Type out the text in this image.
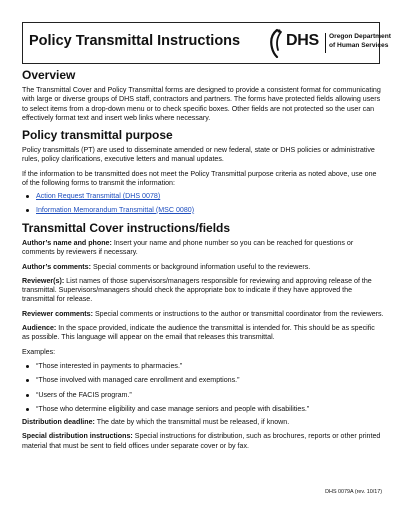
Policy Transmittal Instructions	DHS Oregon Department
of Human Services
Overview

The Transmittal Cover and Policy Transmittal forms are designed to provide a consistent format for communicating with large or diverse groups of DHS staff, contractors and partners. The forms have protected fields allowing users to select items from a drop-down menu or to check specific boxes. Other fields are not protected so the user can effectively format text and insert web links where necessary.

Policy transmittal purpose

Policy transmittals (PT) are used to disseminate amended or new federal, state or DHS policies or administrative rules, policy clarifications, executive letters and manual updates.

If the information to be transmitted does not meet the Policy Transmittal purpose criteria as noted above, use one of the following forms to transmit the information:

Action Request Transmittal (DHS 0078)
Information Memorandum Transmittal (MSC 0080)
Transmittal Cover instructions/fields

Author’s name and phone: Insert your name and phone number so you can be reached for questions or comments by reviewers if necessary.

Author’s comments: Special comments or background information useful to the reviewers.

Reviewer(s): List names of those supervisors/managers responsible for reviewing and approving release of the transmittal. Supervisors/managers should check the appropriate box to indicate if they have approved the transmittal for release.

Reviewer comments: Special comments or instructions to the author or transmittal coordinator from the reviewers.

Audience: In the space provided, indicate the audience the transmittal is intended for. This should be as specific as possible. This language will appear on the email that releases this transmittal.

Examples:

“Those interested in payments to pharmacies.”
“Those involved with managed care enrollment and exemptions.”
“Users of the FACIS program.”
“Those who determine eligibility and case manage seniors and people with disabilities.”

Distribution deadline: The date by which the transmittal must be released, if known.

Special distribution instructions: Special instructions for distribution, such as brochures, reports or other printed material that must be sent to field offices under separate cover or by fax.

DHS 0079A (rev. 10/17)
